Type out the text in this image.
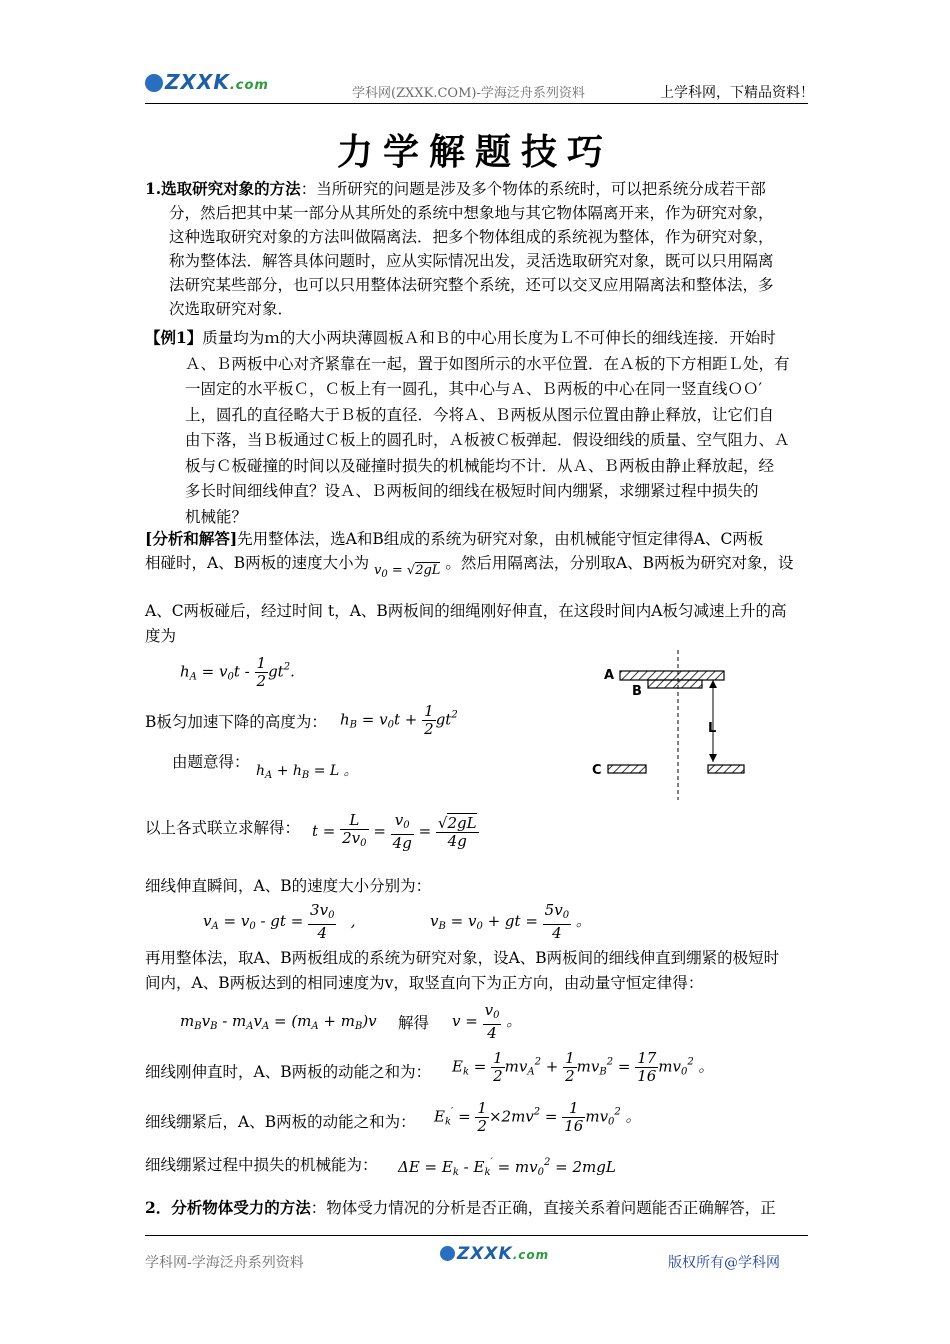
ZXXK.com
学科网(ZXXK.COM)-学海泛舟系列资料	上学科网，下精品资料！
力学解题技巧
1.选取研究对象的方法：当所研究的问题是涉及多个物体的系统时，可以把系统分成若干部
分，然后把其中某一部分从其所处的系统中想象地与其它物体隔离开来，作为研究对象，
这种选取研究对象的方法叫做隔离法．把多个物体组成的系统视为整体，作为研究对象，
称为整体法．解答具体问题时，应从实际情况出发，灵活选取研究对象，既可以只用隔离
法研究某些部分，也可以只用整体法研究整个系统，还可以交叉应用隔离法和整体法，多
次选取研究对象．
【例1】质量均为ｍ的大小两块薄圆板Ａ和Ｂ的中心用长度为Ｌ不可伸长的细线连接．开始时
Ａ、Ｂ两板中心对齐紧靠在一起，置于如图所示的水平位置．在Ａ板的下方相距Ｌ处，有
一固定的水平板Ｃ，Ｃ板上有一圆孔，其中心与Ａ、Ｂ两板的中心在同一竖直线ＯＯ′
上，圆孔的直径略大于Ｂ板的直径．今将Ａ、Ｂ两板从图示位置由静止释放，让它们自
由下落，当Ｂ板通过Ｃ板上的圆孔时，Ａ板被Ｃ板弹起．假设细线的质量、空气阻力、Ａ
板与Ｃ板碰撞的时间以及碰撞时损失的机械能均不计．从Ａ、Ｂ两板由静止释放起，经
多长时间细线伸直？设Ａ、Ｂ两板间的细线在极短时间内绷紧，求绷紧过程中损失的
机械能？
[分析和解答]先用整体法，选A和B组成的系统为研究对象，由机械能守恒定律得A、C两板
相碰时，A、B两板的速度大小为 $_{v_0 = √2gL}$ 。然后用隔离法，分别取A、B两板为研究对象，设
A、C两板碰后，经过时间 t，A、B两板间的细绳刚好伸直，在这段时间内A板匀减速上升的高
度为
$h_A = v_0t - \frac{1}{2} gt^2$.
B板匀加速下降的高度为： $h_B = v_0t + \frac{1}{2} gt^2$
由题意得： $h_A + h_B = L$ 。
A
B
L
C
以上各式联立求解得： $t = \frac{L}{2v_0} = \frac{v_0}{4g} = \frac{√2gL}{4g}$
细线伸直瞬间，A、B的速度大小分别为：
$v_A = v_0$ - gt = $\frac{3v_0}{4}$ ,	$v_B = v_0$ + gt = $\frac{5v_0}{4}$ 。
再用整体法，取A、B两板组成的系统为研究对象，设A、B两板间的细线伸直到绷紧的极短时
间内，A、B两板达到的相同速度为v，取竖直向下为正方向，由动量守恒定律得：
$m_Bv_B - m_Av_A = (m_A + m_B)v$ 解得 $v = \frac{v_0}{4}$ 。
细线刚伸直时，A、B两板的动能之和为： $E_k = \frac{1}{2} mv_A^2 + \frac{1}{2} mv_B^2 = \frac{17}{16} mv_0^2$ 。
细线绷紧后，A、B两板的动能之和为： $E_k' = \frac{1}{2} \times 2mv^2 = \frac{1}{16} mv_0^2$ 。
细线绷紧过程中损失的机械能为： $\Delta E = E_k - E_k' = mv_0^2 = 2mgL$
2．分析物体受力的方法：物体受力情况的分析是否正确，直接关系着问题能否正确解答，正
学科网-学海泛舟系列资料	ZXXK.com	版权所有@学科网
